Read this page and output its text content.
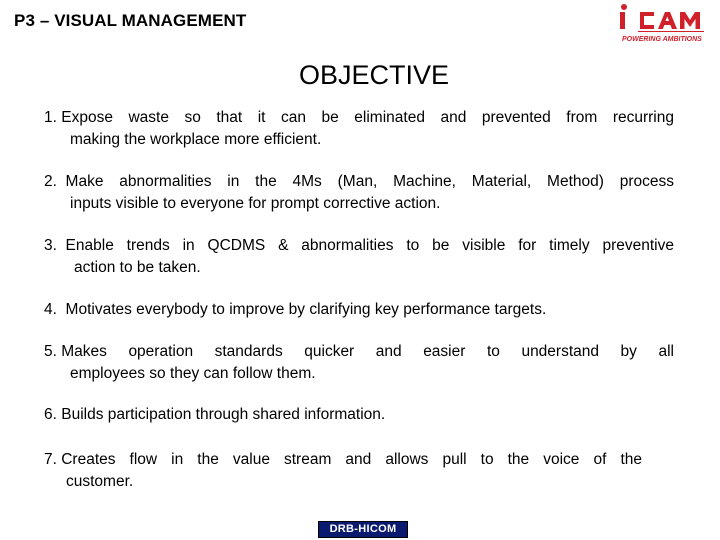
P3 – VISUAL MANAGEMENT
POWERING AMBITIONS
OBJECTIVE
1. Expose waste so that it can be eliminated and prevented from recurring
making the workplace more efficient.
2. Make abnormalities in the 4Ms (Man, Machine, Material, Method) process
inputs visible to everyone for prompt corrective action.
3. Enable trends in QCDMS & abnormalities to be visible for timely preventive
action to be taken.
4. Motivates everybody to improve by clarifying key performance targets.
5. Makes operation standards quicker and easier to understand by all
employees so they can follow them.
6. Builds participation through shared information.
7. Creates flow in the value stream and allows pull to the voice of the
customer.
DRB-HICOM
